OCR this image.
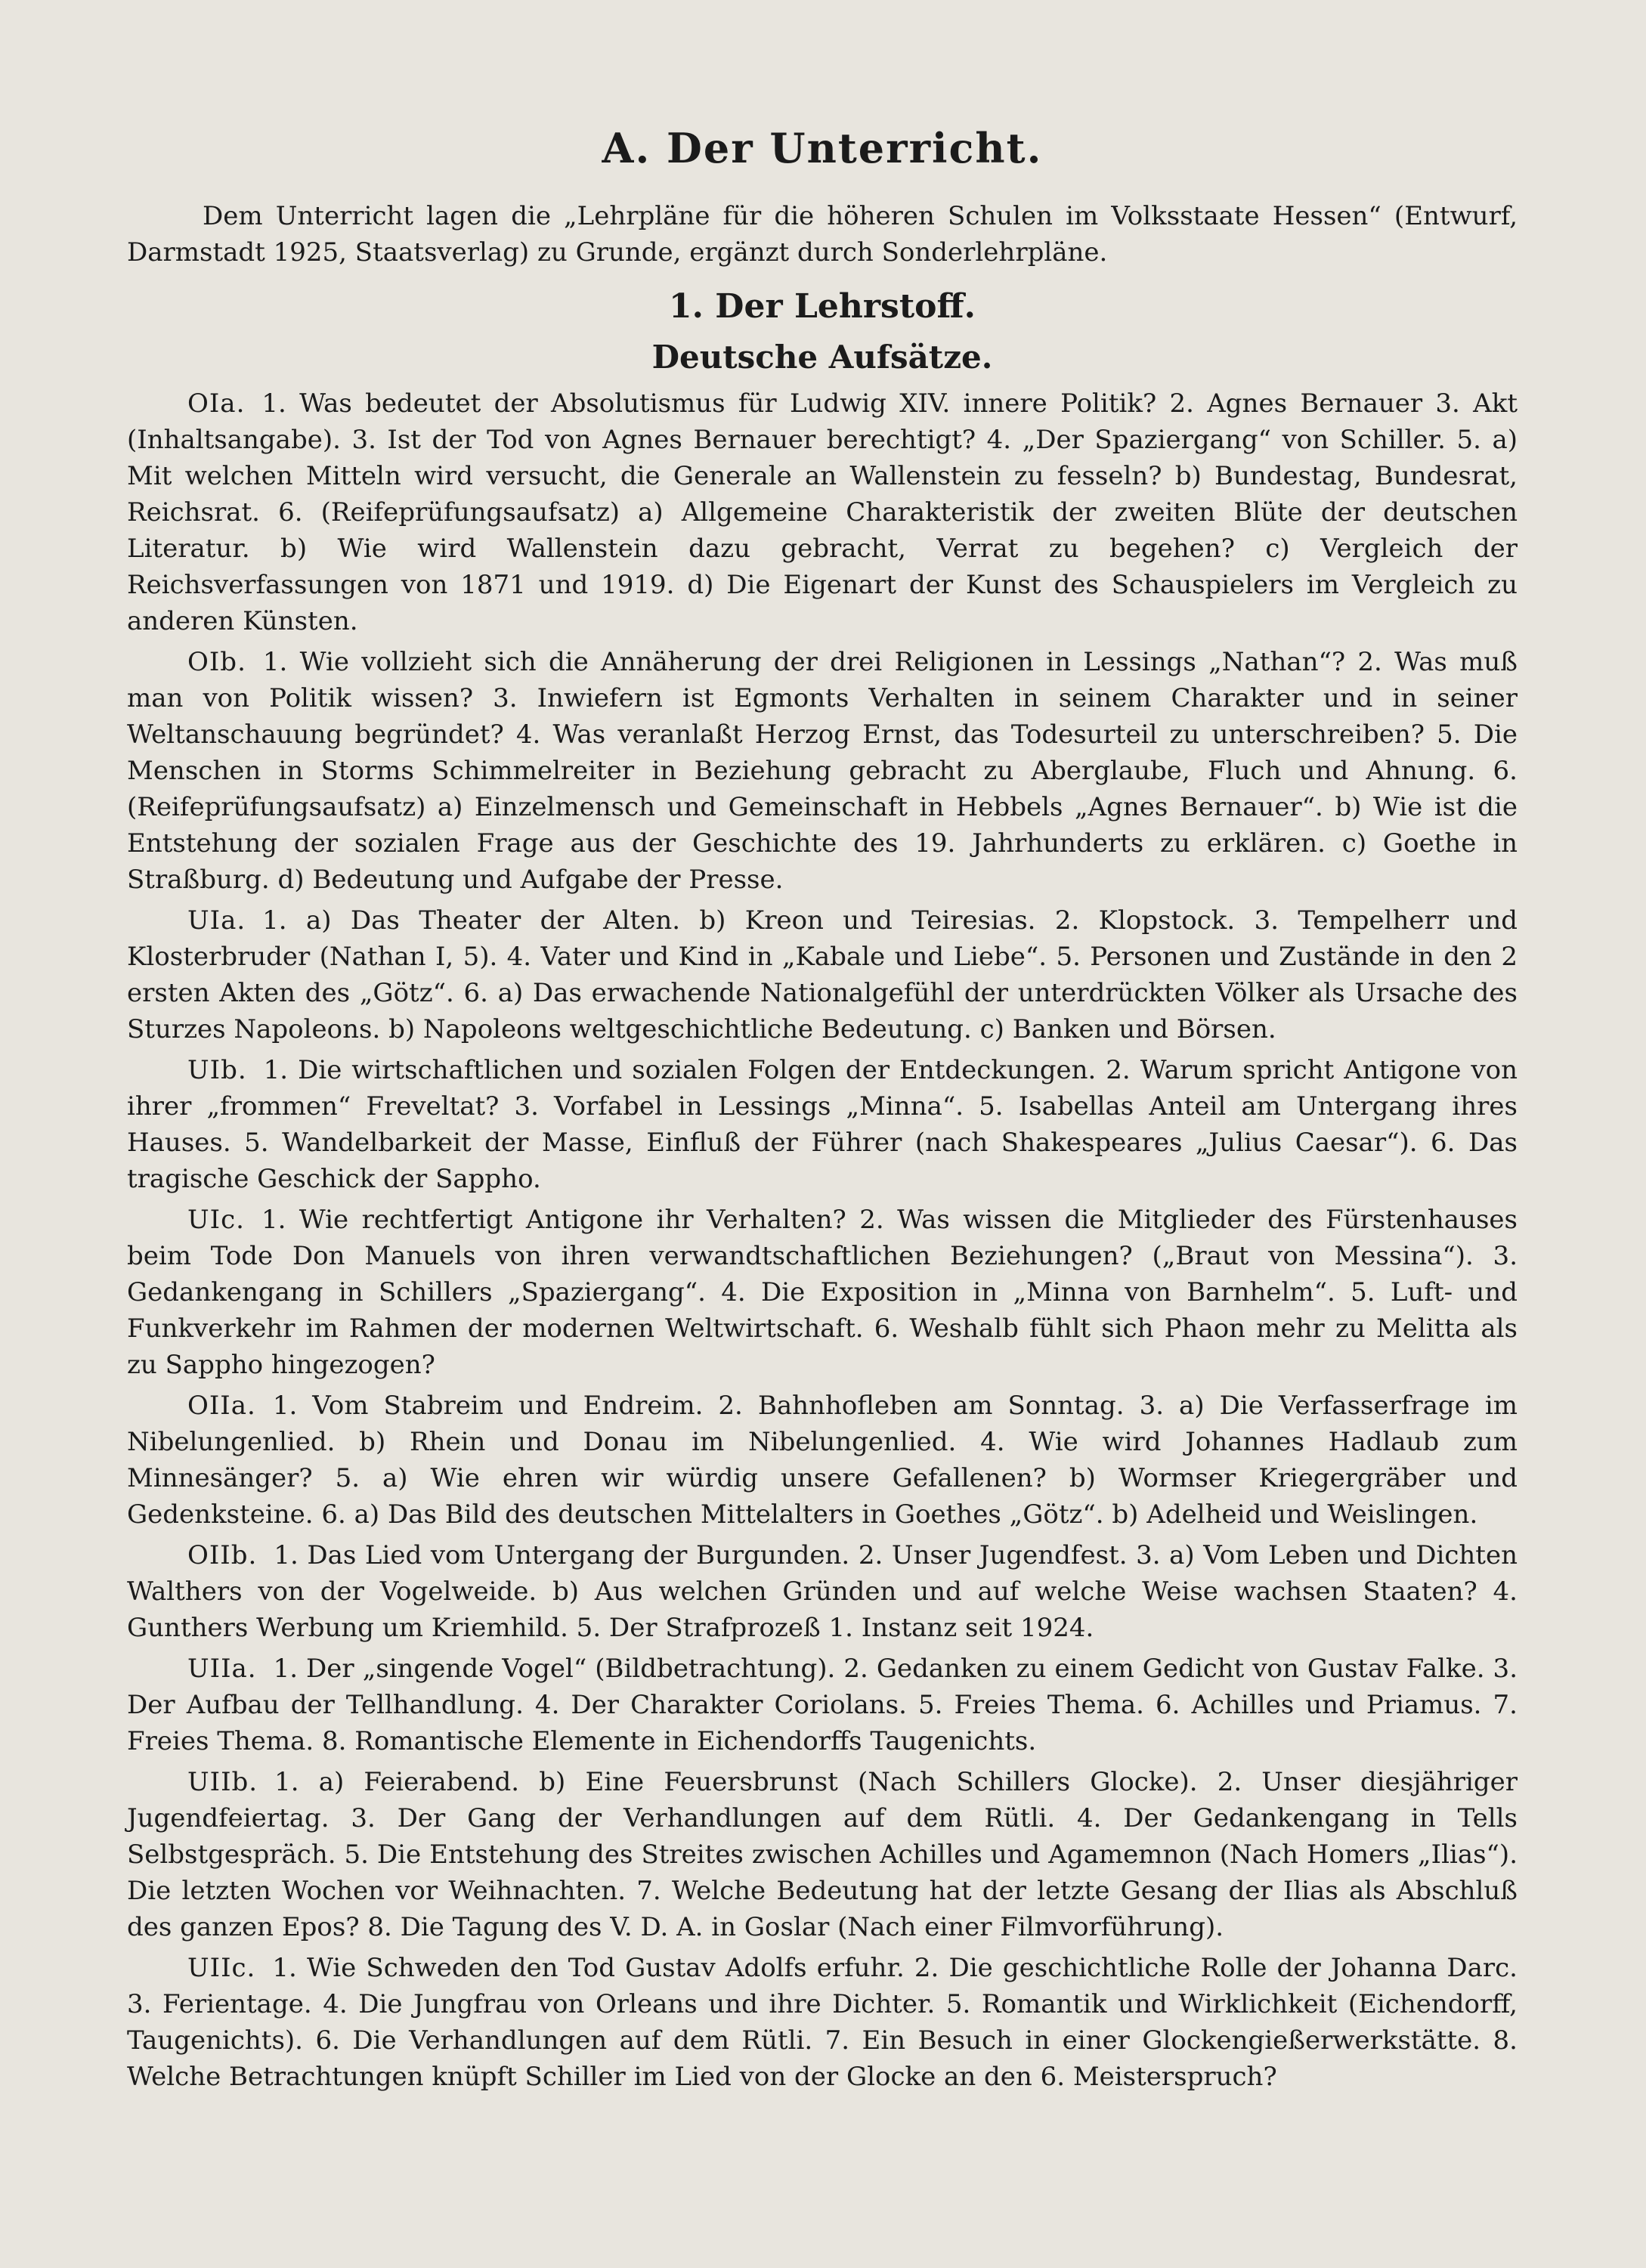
A. Der Unterricht.

Dem Unterricht lagen die „Lehrpläne für die höheren Schulen im Volksstaate Hessen“ (Entwurf, Darmstadt 1925, Staatsverlag) zu Grunde, ergänzt durch Sonderlehrpläne.

1. Der Lehrstoff.
Deutsche Aufsätze.

OIa. 1. Was bedeutet der Absolutismus für Ludwig XIV. innere Politik? 2. Agnes Bernauer 3. Akt (Inhaltsangabe). 3. Ist der Tod von Agnes Bernauer berechtigt? 4. „Der Spaziergang“ von Schiller. 5. a) Mit welchen Mitteln wird versucht, die Generale an Wallenstein zu fesseln? b) Bundestag, Bundesrat, Reichsrat. 6. (Reifeprüfungsaufsatz) a) Allgemeine Charakteristik der zweiten Blüte der deutschen Literatur. b) Wie wird Wallenstein dazu gebracht, Verrat zu begehen? c) Vergleich der Reichsverfassungen von 1871 und 1919. d) Die Eigenart der Kunst des Schauspielers im Vergleich zu anderen Künsten.

OIb. 1. Wie vollzieht sich die Annäherung der drei Religionen in Lessings „Nathan“? 2. Was muß man von Politik wissen? 3. Inwiefern ist Egmonts Verhalten in seinem Charakter und in seiner Weltanschauung begründet? 4. Was veranlaßt Herzog Ernst, das Todesurteil zu unterschreiben? 5. Die Menschen in Storms Schimmelreiter in Beziehung gebracht zu Aberglaube, Fluch und Ahnung. 6. (Reifeprüfungsaufsatz) a) Einzelmensch und Gemeinschaft in Hebbels „Agnes Bernauer“. b) Wie ist die Entstehung der sozialen Frage aus der Geschichte des 19. Jahrhunderts zu erklären. c) Goethe in Straßburg. d) Bedeutung und Aufgabe der Presse.

UIa. 1. a) Das Theater der Alten. b) Kreon und Teiresias. 2. Klopstock. 3. Tempelherr und Klosterbruder (Nathan I, 5). 4. Vater und Kind in „Kabale und Liebe“. 5. Personen und Zustände in den 2 ersten Akten des „Götz“. 6. a) Das erwachende Nationalgefühl der unterdrückten Völker als Ursache des Sturzes Napoleons. b) Napoleons weltgeschichtliche Bedeutung. c) Banken und Börsen.

UIb. 1. Die wirtschaftlichen und sozialen Folgen der Entdeckungen. 2. Warum spricht Antigone von ihrer „frommen“ Freveltat? 3. Vorfabel in Lessings „Minna“. 5. Isabellas Anteil am Untergang ihres Hauses. 5. Wandelbarkeit der Masse, Einfluß der Führer (nach Shakespeares „Julius Caesar“). 6. Das tragische Geschick der Sappho.

UIc. 1. Wie rechtfertigt Antigone ihr Verhalten? 2. Was wissen die Mitglieder des Fürstenhauses beim Tode Don Manuels von ihren verwandtschaftlichen Beziehungen? („Braut von Messina“). 3. Gedankengang in Schillers „Spaziergang“. 4. Die Exposition in „Minna von Barnhelm“. 5. Luft- und Funkverkehr im Rahmen der modernen Weltwirtschaft. 6. Weshalb fühlt sich Phaon mehr zu Melitta als zu Sappho hingezogen?

OIIa. 1. Vom Stabreim und Endreim. 2. Bahnhofleben am Sonntag. 3. a) Die Verfasserfrage im Nibelungenlied. b) Rhein und Donau im Nibelungenlied. 4. Wie wird Johannes Hadlaub zum Minnesänger? 5. a) Wie ehren wir würdig unsere Gefallenen? b) Wormser Kriegergräber und Gedenksteine. 6. a) Das Bild des deutschen Mittelalters in Goethes „Götz“. b) Adelheid und Weislingen.

OIIb. 1. Das Lied vom Untergang der Burgunden. 2. Unser Jugendfest. 3. a) Vom Leben und Dichten Walthers von der Vogelweide. b) Aus welchen Gründen und auf welche Weise wachsen Staaten? 4. Gunthers Werbung um Kriemhild. 5. Der Strafprozeß 1. Instanz seit 1924.

UIIa. 1. Der „singende Vogel“ (Bildbetrachtung). 2. Gedanken zu einem Gedicht von Gustav Falke. 3. Der Aufbau der Tellhandlung. 4. Der Charakter Coriolans. 5. Freies Thema. 6. Achilles und Priamus. 7. Freies Thema. 8. Romantische Elemente in Eichendorffs Taugenichts.

UIIb. 1. a) Feierabend. b) Eine Feuersbrunst (Nach Schillers Glocke). 2. Unser diesjähriger Jugendfeiertag. 3. Der Gang der Verhandlungen auf dem Rütli. 4. Der Gedankengang in Tells Selbstgespräch. 5. Die Entstehung des Streites zwischen Achilles und Agamemnon (Nach Homers „Ilias“). Die letzten Wochen vor Weihnachten. 7. Welche Bedeutung hat der letzte Gesang der Ilias als Abschluß des ganzen Epos? 8. Die Tagung des V. D. A. in Goslar (Nach einer Filmvorführung).

UIIc. 1. Wie Schweden den Tod Gustav Adolfs erfuhr. 2. Die geschichtliche Rolle der Johanna Darc. 3. Ferientage. 4. Die Jungfrau von Orleans und ihre Dichter. 5. Romantik und Wirklichkeit (Eichendorff, Taugenichts). 6. Die Verhandlungen auf dem Rütli. 7. Ein Besuch in einer Glockengießerwerkstätte. 8. Welche Betrachtungen knüpft Schiller im Lied von der Glocke an den 6. Meisterspruch?
